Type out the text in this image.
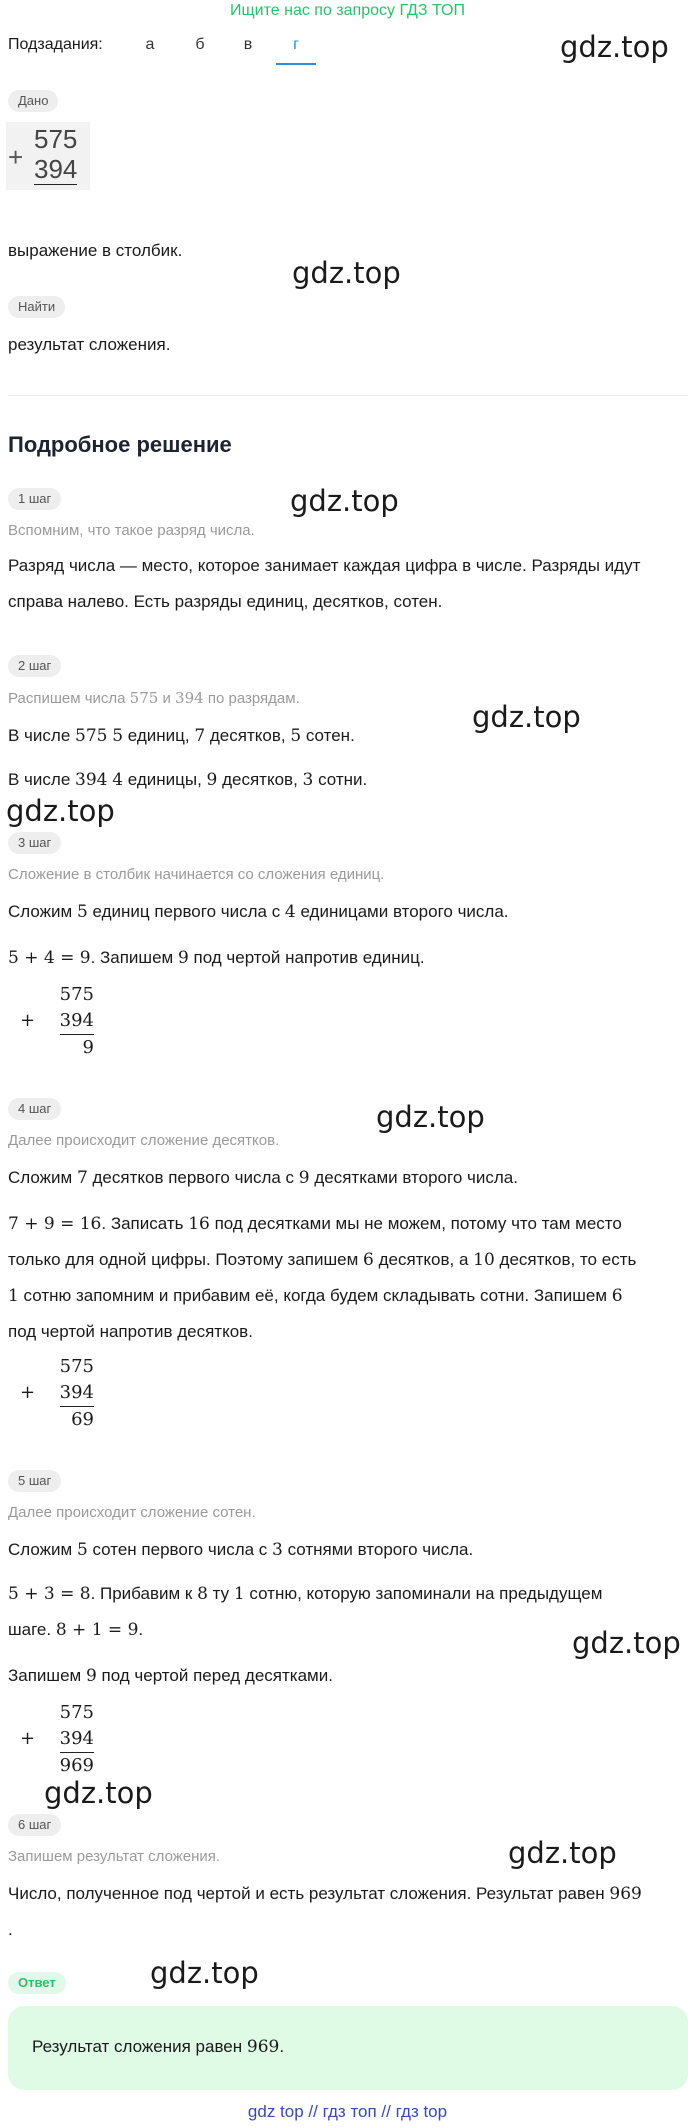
Ищите нас по запросу ГДЗ ТОП
Подзадания:	а	б	в	г	gdz.top
gdz.top
gdz.top
gdz.top
gdz.top
gdz.top
gdz.top
gdz.top
gdz.top
gdz.top
Дано
+
575
394
выражение в столбик.
Найти
результат сложения.
Подробное решение
1 шаг
Вспомним, что такое разряд числа.
Разряд числа — место, которое занимает каждая цифра в числе. Разряды идут
справа налево. Есть разряды единиц, десятков, сотен.
2 шаг
Распишем числа 575 и 394 по разрядам.
В числе 575 5 единиц, 7 десятков, 5 сотен.
В числе 394 4 единицы, 9 десятков, 3 сотни.
3 шаг
Сложение в столбик начинается со сложения единиц.
Сложим 5 единиц первого числа с 4 единицами второго числа.
5 + 4 = 9. Запишем 9 под чертой напротив единиц.
+
575
394
9
4 шаг
Далее происходит сложение десятков.
Сложим 7 десятков первого числа с 9 десятками второго числа.
7 + 9 = 16. Записать 16 под десятками мы не можем, потому что там место
только для одной цифры. Поэтому запишем 6 десятков, а 10 десятков, то есть
1 сотню запомним и прибавим её, когда будем складывать сотни. Запишем 6
под чертой напротив десятков.
+
575
394
69
5 шаг
Далее происходит сложение сотен.
Сложим 5 сотен первого числа с 3 сотнями второго числа.
5 + 3 = 8. Прибавим к 8 ту 1 сотню, которую запоминали на предыдущем
шаге. 8 + 1 = 9.
Запишем 9 под чертой перед десятками.
+
575
394
969
6 шаг
Запишем результат сложения.
Число, полученное под чертой и есть результат сложения. Результат равен 969
.
Ответ
Результат сложения равен 969.
gdz top // гдз топ // гдз top
